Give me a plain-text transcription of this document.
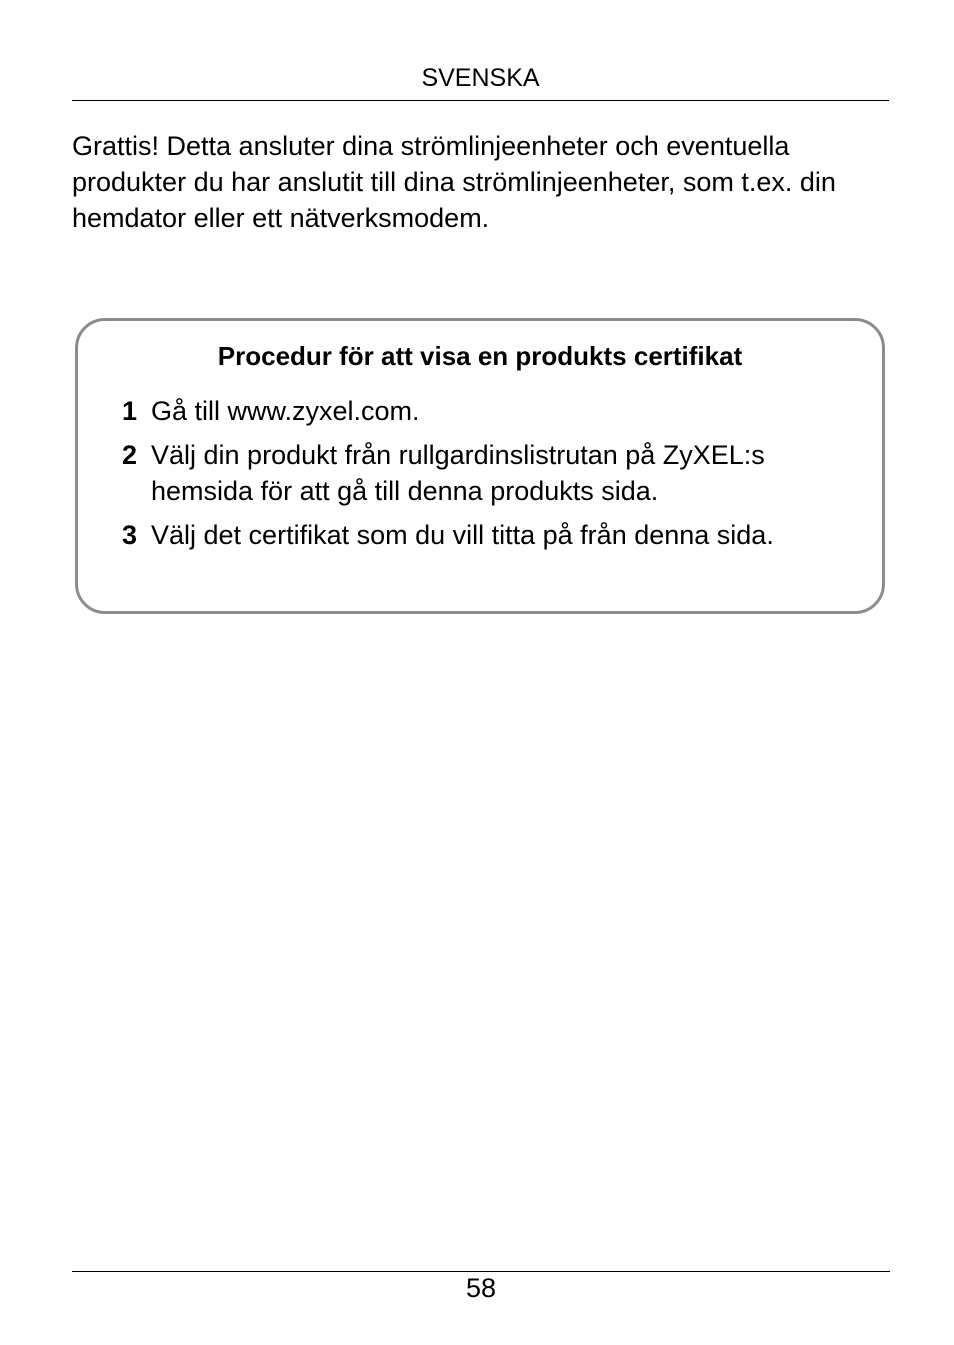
SVENSKA

Grattis! Detta ansluter dina strömlinjeenheter och eventuella produkter du har anslutit till dina strömlinjeenheter, som t.ex. din hemdator eller ett nätverksmodem.

Procedur för att visa en produkts certifikat

1 Gå till www.zyxel.com.
2 Välj din produkt från rullgardinslistrutan på ZyXEL:s hemsida för att gå till denna produkts sida.
3 Välj det certifikat som du vill titta på från denna sida.
58
